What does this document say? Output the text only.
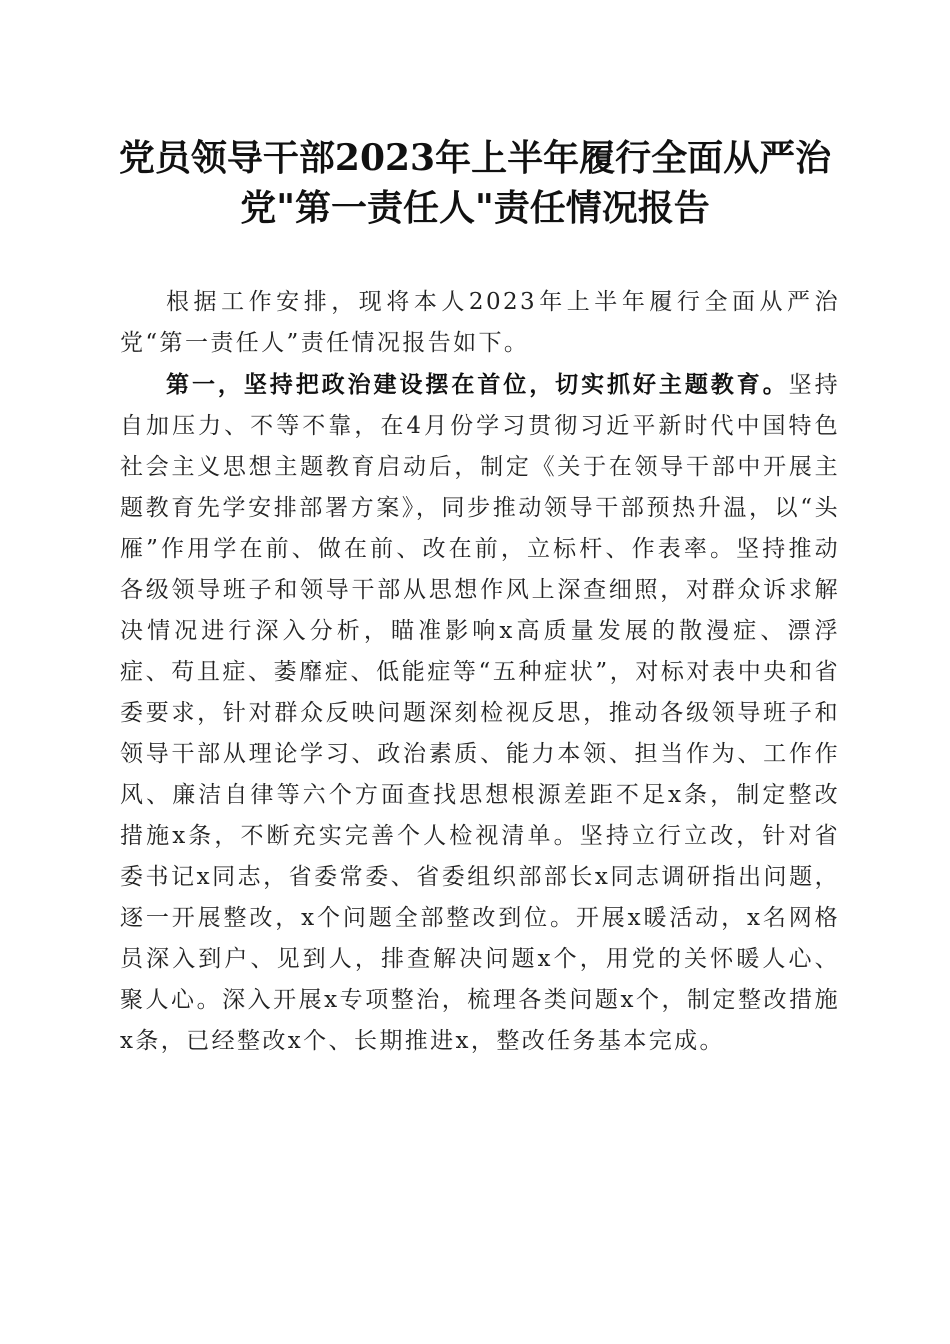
党员领导干部2023年上半年履行全面从严治
党"第一责任人"责任情况报告

根据工作安排，现将本人2023年上半年履行全面从严治党“第一责任人”责任情况报告如下。

第一，坚持把政治建设摆在首位，切实抓好主题教育。坚持自加压力、不等不靠，在4月份学习贯彻习近平新时代中国特色社会主义思想主题教育启动后，制定《关于在领导干部中开展主题教育先学安排部署方案》，同步推动领导干部预热升温，以“头雁”作用学在前、做在前、改在前，立标杆、作表率。坚持推动各级领导班子和领导干部从思想作风上深查细照，对群众诉求解决情况进行深入分析，瞄准影响x高质量发展的散漫症、漂浮症、苟且症、萎靡症、低能症等“五种症状”，对标对表中央和省委要求，针对群众反映问题深刻检视反思，推动各级领导班子和领导干部从理论学习、政治素质、能力本领、担当作为、工作作风、廉洁自律等六个方面查找思想根源差距不足x条，制定整改措施x条，不断充实完善个人检视清单。坚持立行立改，针对省委书记x同志，省委常委、省委组织部部长x同志调研指出问题，逐一开展整改，x个问题全部整改到位。开展x暖活动，x名网格员深入到户、见到人，排查解决问题x个，用党的关怀暖人心、聚人心。深入开展x专项整治，梳理各类问题x个，制定整改措施x条，已经整改x个、长期推进x，整改任务基本完成。
